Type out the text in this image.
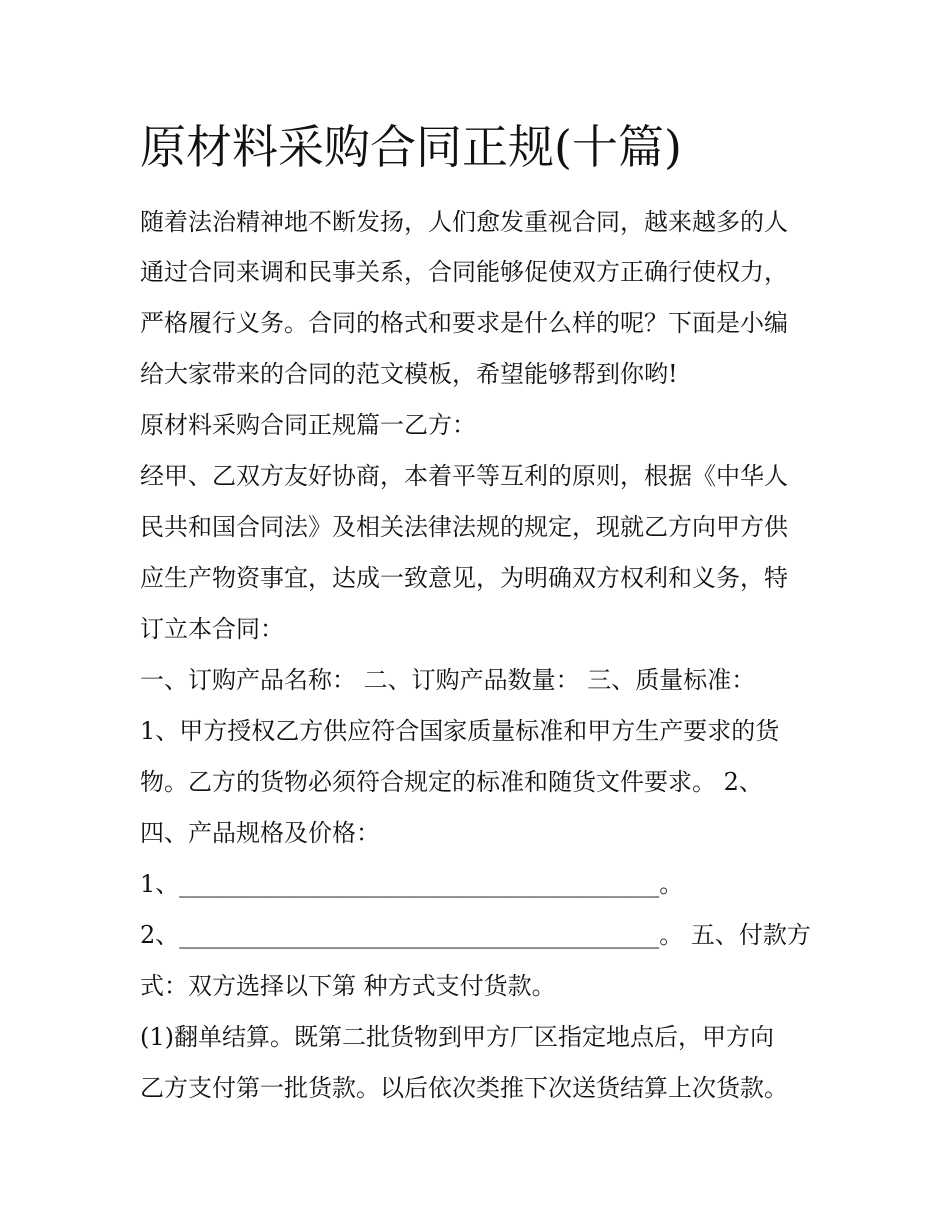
原材料采购合同正规(十篇)

随着法治精神地不断发扬，人们愈发重视合同，越来越多的人

通过合同来调和民事关系，合同能够促使双方正确行使权力，

严格履行义务。合同的格式和要求是什么样的呢？下面是小编

给大家带来的合同的范文模板，希望能够帮到你哟!

原材料采购合同正规篇一乙方：

经甲、乙双方友好协商，本着平等互利的原则，根据《中华人

民共和国合同法》及相关法律法规的规定，现就乙方向甲方供

应生产物资事宜，达成一致意见，为明确双方权利和义务，特

订立本合同：

一、订购产品名称： 二、订购产品数量： 三、质量标准：

1、甲方授权乙方供应符合国家质量标准和甲方生产要求的货

物。乙方的货物必须符合规定的标准和随货文件要求。 2、

四、产品规格及价格：

1、________________________________________。

2、________________________________________。 五、付款方

式：双方选择以下第 种方式支付货款。

(1)翻单结算。既第二批货物到甲方厂区指定地点后，甲方向

乙方支付第一批货款。以后依次类推下次送货结算上次货款。
